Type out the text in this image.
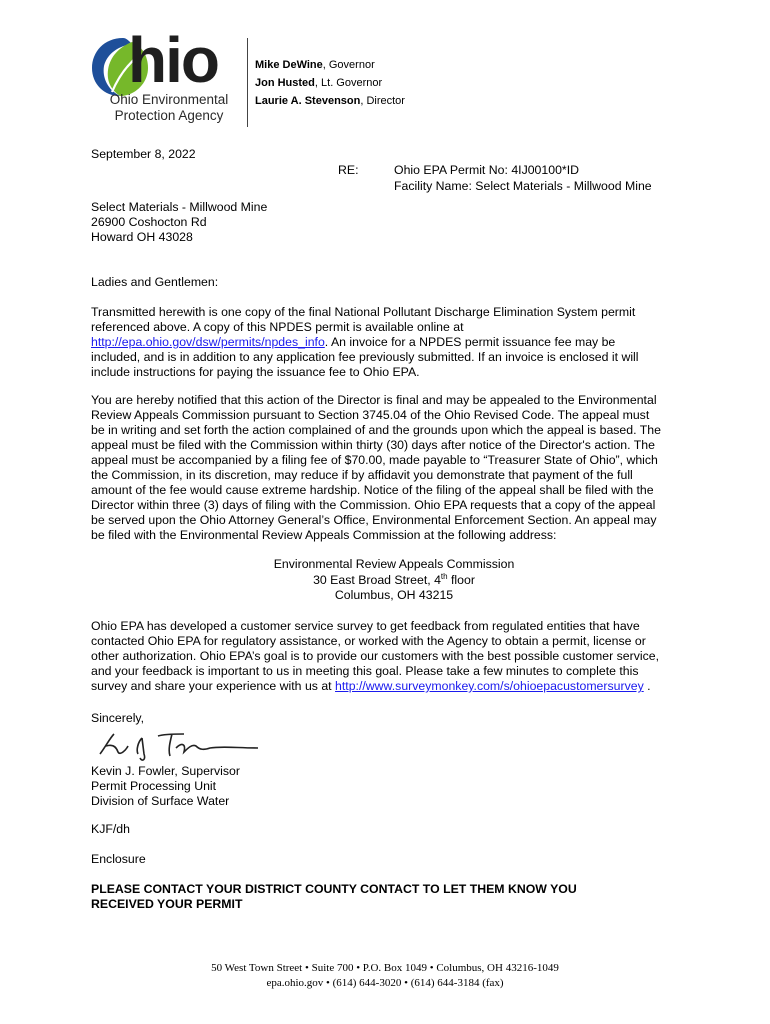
hio
Ohio Environmental
Protection Agency
Mike DeWine, Governor
Jon Husted, Lt. Governor
Laurie A. Stevenson, Director
September 8, 2022
RE:	Ohio EPA Permit No: 4IJ00100*ID
Facility Name: Select Materials - Millwood Mine
Select Materials - Millwood Mine
26900 Coshocton Rd
Howard OH 43028
Ladies and Gentlemen:
Transmitted herewith is one copy of the final National Pollutant Discharge Elimination System permit
referenced above. A copy of this NPDES permit is available online at
http://epa.ohio.gov/dsw/permits/npdes_info. An invoice for a NPDES permit issuance fee may be
included, and is in addition to any application fee previously submitted. If an invoice is enclosed it will
include instructions for paying the issuance fee to Ohio EPA.
You are hereby notified that this action of the Director is final and may be appealed to the Environmental
Review Appeals Commission pursuant to Section 3745.04 of the Ohio Revised Code. The appeal must
be in writing and set forth the action complained of and the grounds upon which the appeal is based. The
appeal must be filed with the Commission within thirty (30) days after notice of the Director's action. The
appeal must be accompanied by a filing fee of $70.00, made payable to “Treasurer State of Ohio”, which
the Commission, in its discretion, may reduce if by affidavit you demonstrate that payment of the full
amount of the fee would cause extreme hardship. Notice of the filing of the appeal shall be filed with the
Director within three (3) days of filing with the Commission. Ohio EPA requests that a copy of the appeal
be served upon the Ohio Attorney General’s Office, Environmental Enforcement Section. An appeal may
be filed with the Environmental Review Appeals Commission at the following address:
Environmental Review Appeals Commission
30 East Broad Street, 4th floor
Columbus, OH 43215
Ohio EPA has developed a customer service survey to get feedback from regulated entities that have
contacted Ohio EPA for regulatory assistance, or worked with the Agency to obtain a permit, license or
other authorization. Ohio EPA’s goal is to provide our customers with the best possible customer service,
and your feedback is important to us in meeting this goal. Please take a few minutes to complete this
survey and share your experience with us at http://www.surveymonkey.com/s/ohioepacustomersurvey .
Sincerely,
Kevin J. Fowler, Supervisor
Permit Processing Unit
Division of Surface Water
KJF/dh
Enclosure
PLEASE CONTACT YOUR DISTRICT COUNTY CONTACT TO LET THEM KNOW YOU
RECEIVED YOUR PERMIT
50 West Town Street • Suite 700 • P.O. Box 1049 • Columbus, OH 43216-1049
epa.ohio.gov • (614) 644-3020 • (614) 644-3184 (fax)
